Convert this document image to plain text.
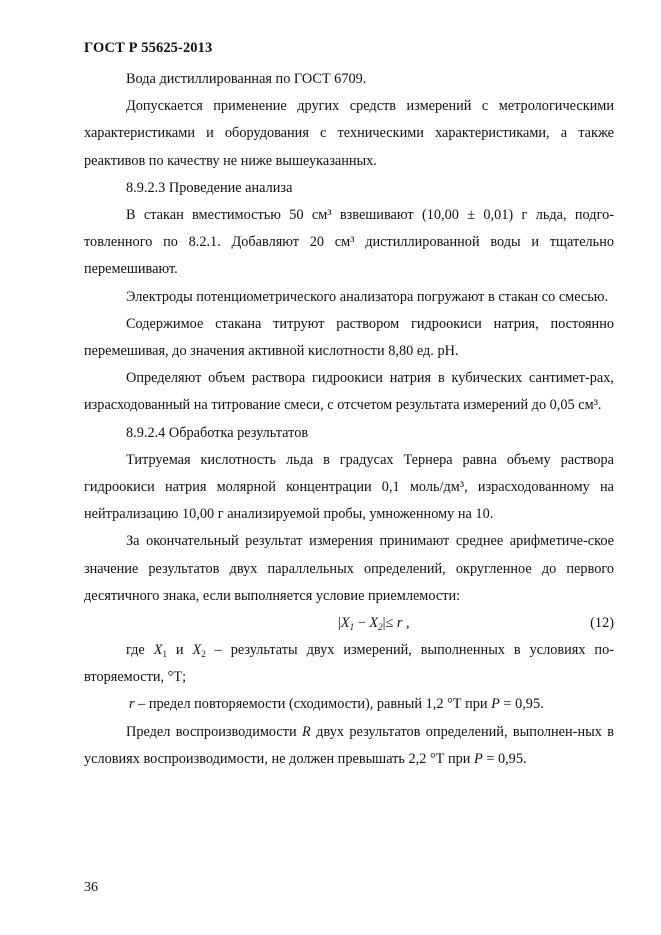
ГОСТ Р 55625-2013

Вода дистиллированная по ГОСТ 6709.

Допускается применение других средств измерений с метрологическими характеристиками и оборудования с техническими характеристиками, а также реактивов по качеству не ниже вышеуказанных.

8.9.2.3 Проведение анализа

В стакан вместимостью 50 см³ взвешивают (10,00 ± 0,01) г льда, подго-товленного по 8.2.1. Добавляют 20 см³ дистиллированной воды и тщательно перемешивают.

Электроды потенциометрического анализатора погружают в стакан со смесью.

Содержимое стакана титруют раствором гидроокиси натрия, постоянно перемешивая, до значения активной кислотности 8,80 ед. pH.

Определяют объем раствора гидроокиси натрия в кубических сантимет-рах, израсходованный на титрование смеси, с отсчетом результата измерений до 0,05 см³.

8.9.2.4 Обработка результатов

Титруемая кислотность льда в градусах Тернера равна объему раствора гидроокиси натрия молярной концентрации 0,1 моль/дм³, израсходованному на нейтрализацию 10,00 г анализируемой пробы, умноженному на 10.

За окончательный результат измерения принимают среднее арифметиче-ское значение результатов двух параллельных определений, округленное до первого десятичного знака, если выполняется условие приемлемости:

$|X_1 - X_2|\le r$ ,	(12)

где $X_1$ и $X_2$ – результаты двух измерений, выполненных в условиях по-вторяемости, °Т;

r – предел повторяемости (сходимости), равный 1,2 °Т при P = 0,95.

Предел воспроизводимости R двух результатов определений, выполнен-ных в условиях воспроизводимости, не должен превышать 2,2 °Т при P = 0,95.

36
